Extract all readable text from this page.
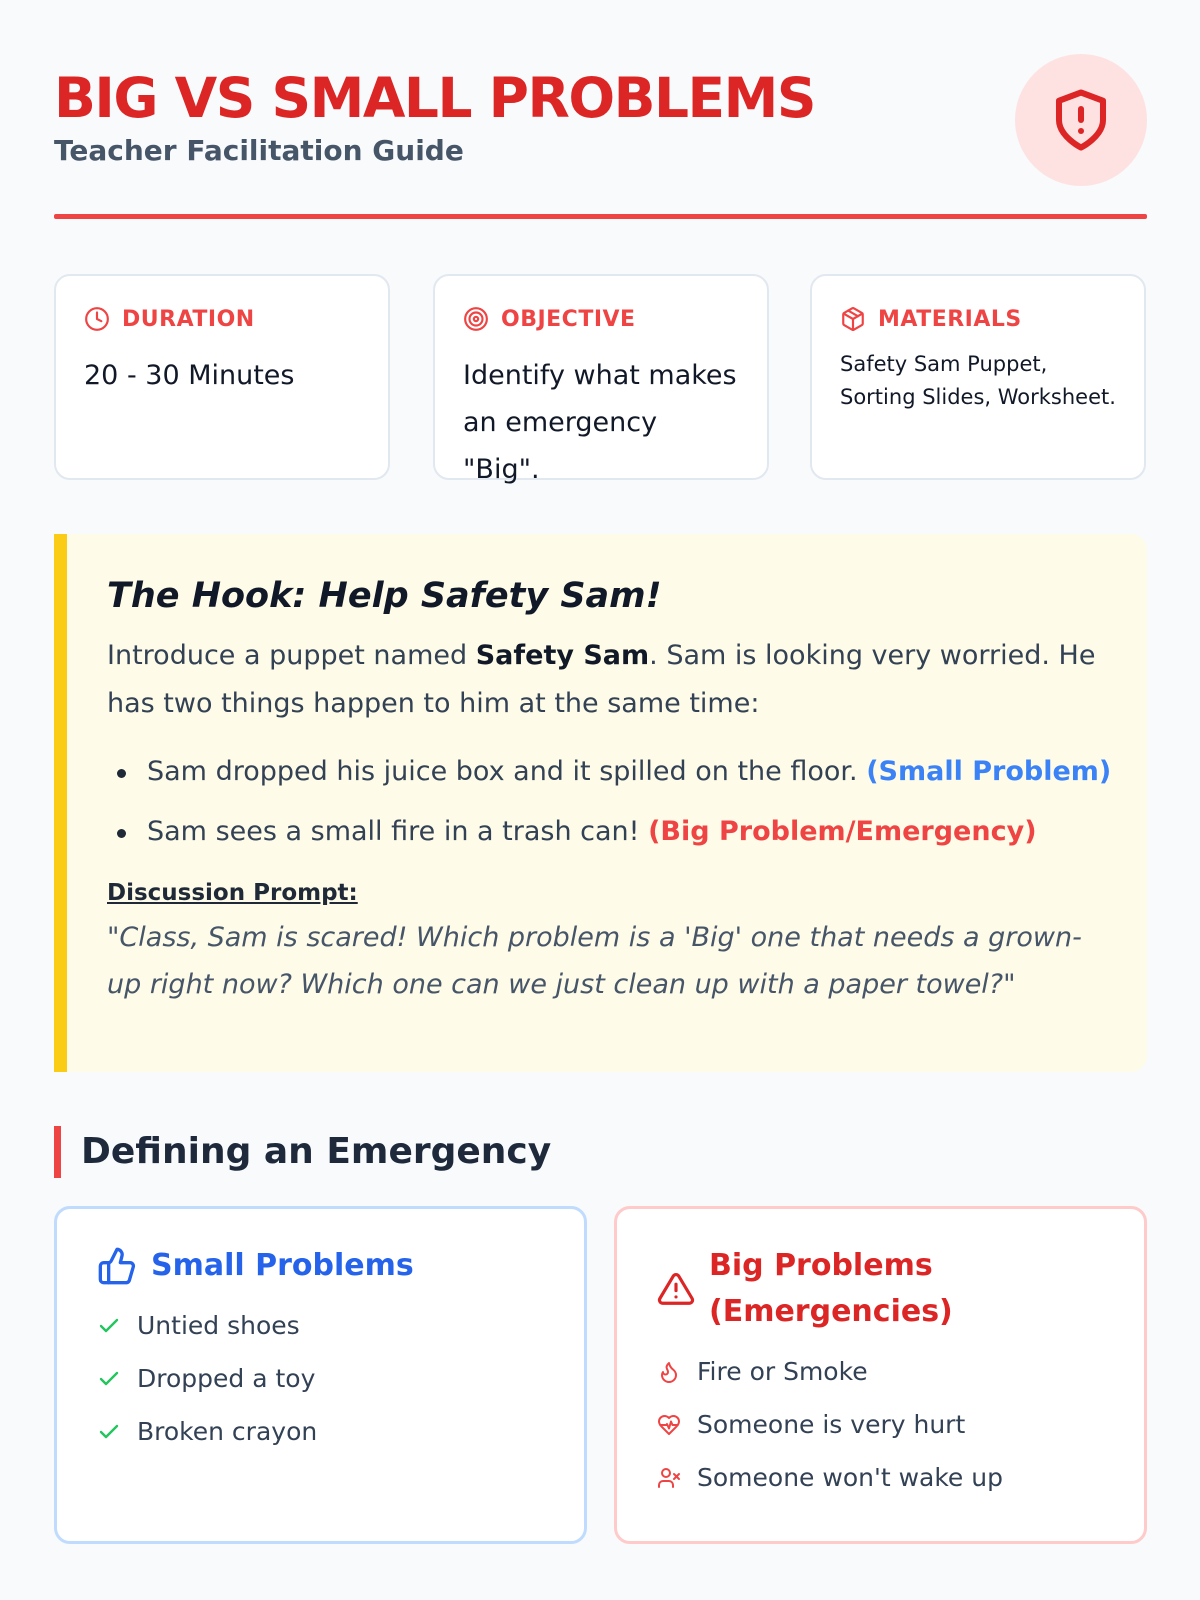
BIG VS SMALL PROBLEMS
Teacher Facilitation Guide
DURATION
20 - 30 Minutes
OBJECTIVE
Identify what makes an emergency "Big".
MATERIALS
Safety Sam Puppet, Sorting Slides, Worksheet.
The Hook: Help Safety Sam!
Introduce a puppet named Safety Sam. Sam is looking very worried. He has two things happen to him at the same time:
Sam dropped his juice box and it spilled on the floor. (Small Problem)
Sam sees a small fire in a trash can! (Big Problem/Emergency)
Discussion Prompt:
"Class, Sam is scared! Which problem is a 'Big' one that needs a grown-up right now? Which one can we just clean up with a paper towel?"
Defining an Emergency
Small Problems
Untied shoes
Dropped a toy
Broken crayon
Big Problems
(Emergencies)
Fire or Smoke
Someone is very hurt
Someone won't wake up
